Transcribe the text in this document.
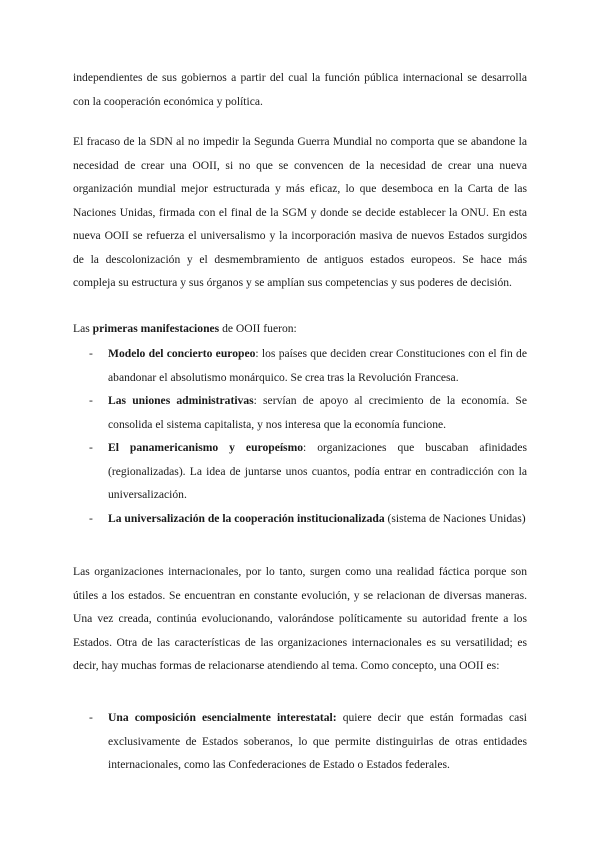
independientes de sus gobiernos a partir del cual la función pública internacional se desarrolla con la cooperación económica y política.

El fracaso de la SDN al no impedir la Segunda Guerra Mundial no comporta que se abandone la necesidad de crear una OOII, si no que se convencen de la necesidad de crear una nueva organización mundial mejor estructurada y más eficaz, lo que desemboca en la Carta de las Naciones Unidas, firmada con el final de la SGM y donde se decide establecer la ONU. En esta nueva OOII se refuerza el universalismo y la incorporación masiva de nuevos Estados surgidos de la descolonización y el desmembramiento de antiguos estados europeos. Se hace más compleja su estructura y sus órganos y se amplían sus competencias y sus poderes de decisión.

Las primeras manifestaciones de OOII fueron:

- Modelo del concierto europeo: los países que deciden crear Constituciones con el fin de abandonar el absolutismo monárquico. Se crea tras la Revolución Francesa.
- Las uniones administrativas: servían de apoyo al crecimiento de la economía. Se consolida el sistema capitalista, y nos interesa que la economía funcione.
- El panamericanismo y europeísmo: organizaciones que buscaban afinidades (regionalizadas). La idea de juntarse unos cuantos, podía entrar en contradicción con la universalización.
- La universalización de la cooperación institucionalizada (sistema de Naciones Unidas)

Las organizaciones internacionales, por lo tanto, surgen como una realidad fáctica porque son útiles a los estados. Se encuentran en constante evolución, y se relacionan de diversas maneras. Una vez creada, continúa evolucionando, valorándose políticamente su autoridad frente a los Estados. Otra de las características de las organizaciones internacionales es su versatilidad; es decir, hay muchas formas de relacionarse atendiendo al tema. Como concepto, una OOII es:

- Una composición esencialmente interestatal: quiere decir que están formadas casi exclusivamente de Estados soberanos, lo que permite distinguirlas de otras entidades internacionales, como las Confederaciones de Estado o Estados federales.
